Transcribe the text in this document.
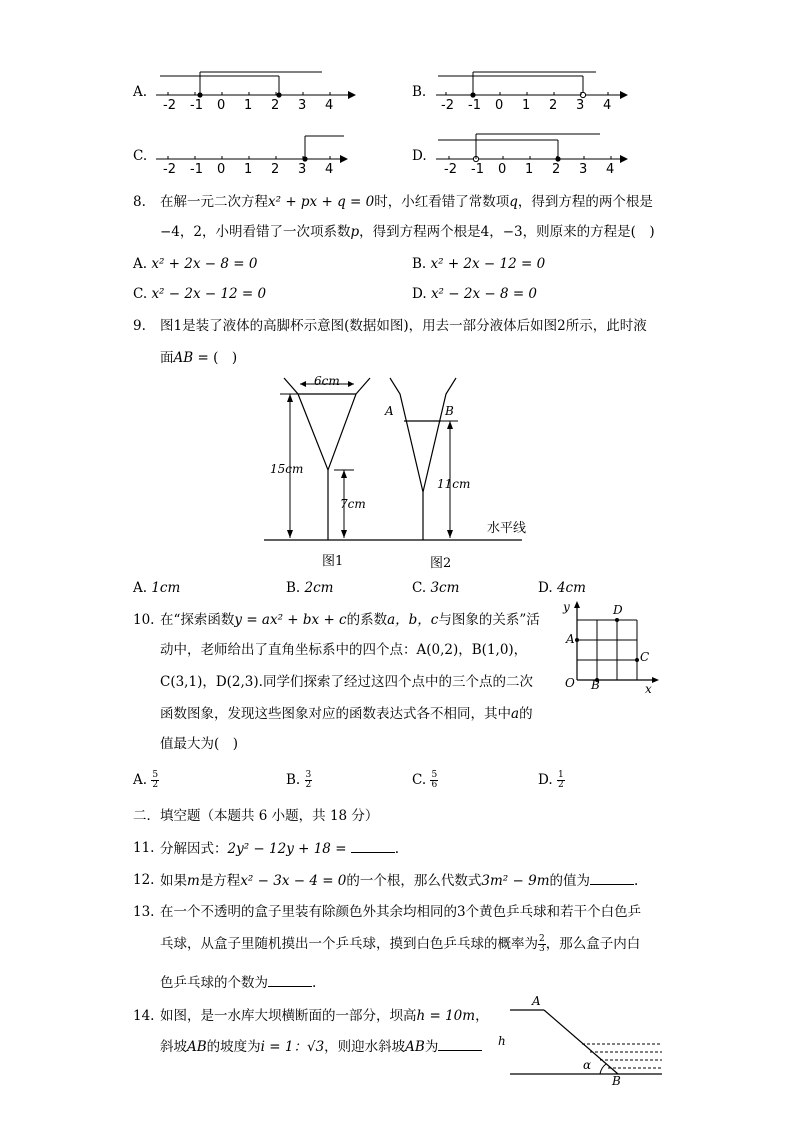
A.	B.
C.	D.
-2 -1 0 1 2 3 4	-2 -1 0 1 2 3 4
-2 -1 0 1 2 3 4	-2 -1 0 1 2 3 4
8. 在解一元二次方程x² + px + q = 0时，小红看错了常数项q，得到方程的两个根是
−4，2，小明看错了一次项系数p，得到方程两个根是4，−3，则原来的方程是(　)
A. x² + 2x − 8 = 0	B. x² + 2x − 12 = 0
C. x² − 2x − 12 = 0	D. x² − 2x − 8 = 0
9. 图1是装了液体的高脚杯示意图(数据如图)，用去一部分液体后如图2所示，此时液
面AB = (　)
6cm
15cm
7cm
11cm
A	B
水平线
图1	图2
A. 1cm	B. 2cm	C. 3cm	D. 4cm
10. 在“探索函数y = ax² + bx + c的系数a，b，c与图象的关系”活
动中，老师给出了直角坐标系中的四个点：A(0,2)，B(1,0)，
C(3,1)，D(2,3).同学们探索了经过这四个点中的三个点的二次
函数图象，发现这些图象对应的函数表达式各不相同，其中a的
值最大为(　)
y
x
O
A
B
C
D
A. $\frac{5}{2}$	B. $\frac{3}{2}$	C. $\frac{5}{6}$	D. $\frac{1}{2}$
二．填空题（本题共 6 小题，共 18 分）
11. 分解因式：2y² − 12y + 18 =	.
12. 如果m是方程x² − 3x − 4 = 0的一个根，那么代数式3m² − 9m的值为	.
13. 在一个不透明的盒子里装有除颜色外其余均相同的3个黄色乒乓球和若干个白色乒
乓球，从盒子里随机摸出一个乒乓球，摸到白色乒乓球的概率为 $\frac{2}{3}$ ，那么盒子内白
色乒乓球的个数为	.
14. 如图，是一水库大坝横断面的一部分，坝高h = 10m，
斜坡AB的坡度为i = 1：√3，则迎水斜坡AB为
A
B
h
α
